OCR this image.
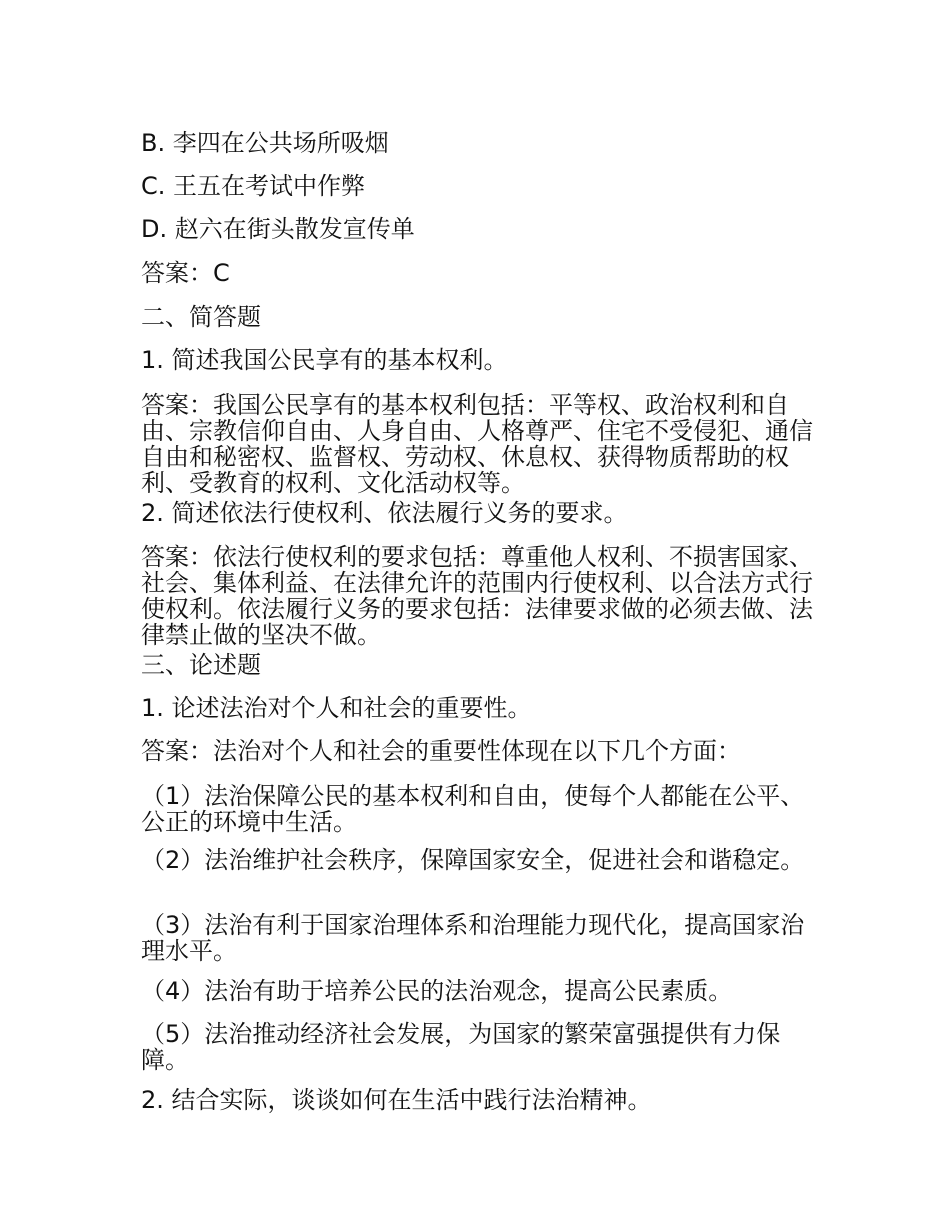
B. 李四在公共场所吸烟

C. 王五在考试中作弊

D. 赵六在街头散发宣传单

答案：C

二、简答题

1. 简述我国公民享有的基本权利。

答案：我国公民享有的基本权利包括：平等权、政治权利和自由、宗教信仰自由、人身自由、人格尊严、住宅不受侵犯、通信自由和秘密权、监督权、劳动权、休息权、获得物质帮助的权利、受教育的权利、文化活动权等。

2. 简述依法行使权利、依法履行义务的要求。

答案：依法行使权利的要求包括：尊重他人权利、不损害国家、社会、集体利益、在法律允许的范围内行使权利、以合法方式行使权利。依法履行义务的要求包括：法律要求做的必须去做、法律禁止做的坚决不做。

三、论述题

1. 论述法治对个人和社会的重要性。

答案：法治对个人和社会的重要性体现在以下几个方面：

（1）法治保障公民的基本权利和自由，使每个人都能在公平、公正的环境中生活。

（2）法治维护社会秩序，保障国家安全，促进社会和谐稳定。

（3）法治有利于国家治理体系和治理能力现代化，提高国家治理水平。

（4）法治有助于培养公民的法治观念，提高公民素质。

（5）法治推动经济社会发展，为国家的繁荣富强提供有力保障。

2. 结合实际，谈谈如何在生活中践行法治精神。
